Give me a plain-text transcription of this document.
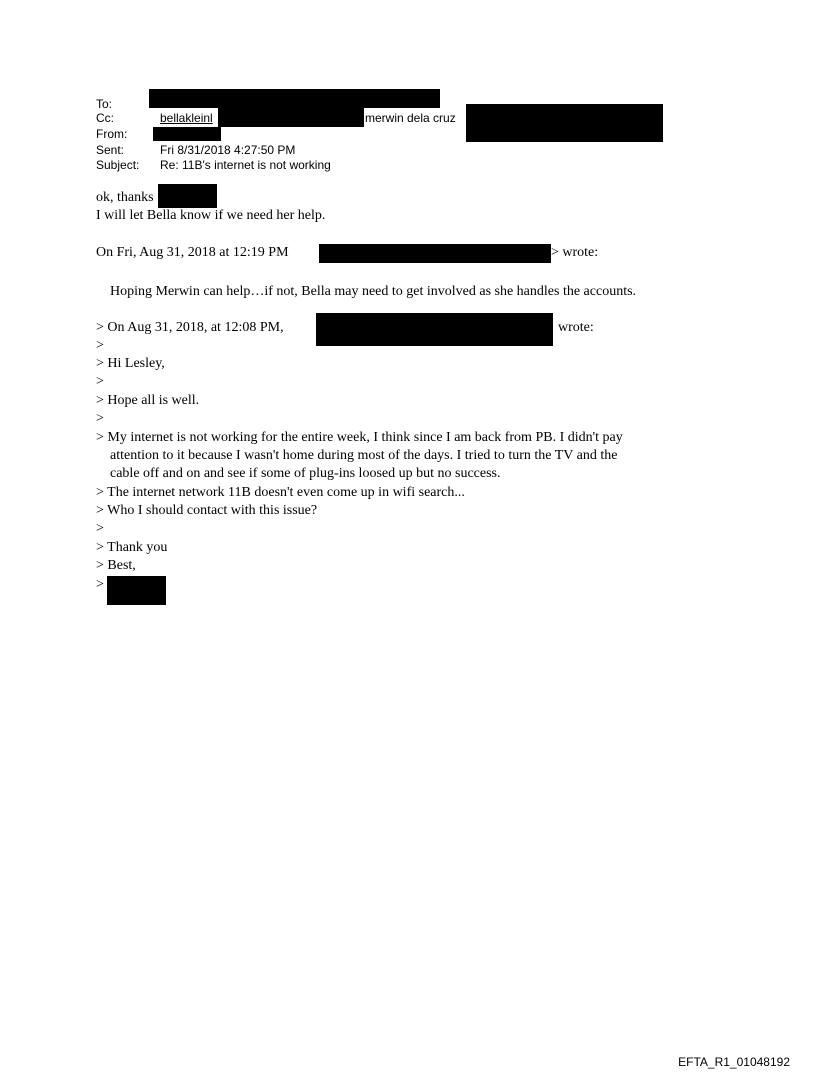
To:
Cc:	bellakleinl	merwin dela cruz
From:
Sent:	Fri 8/31/2018 4:27:50 PM
Subject: Re: 11B's internet is not working
ok, thanks
I will let Bella know if we need her help.
On Fri, Aug 31, 2018 at 12:19 PM	> wrote:
Hoping Merwin can help…if not, Bella may need to get involved as she handles the accounts.
> On Aug 31, 2018, at 12:08 PM,	wrote:
>
> Hi Lesley,
>
> Hope all is well.
>
> My internet is not working for the entire week, I think since I am back from PB. I didn't pay
attention to it because I wasn't home during most of the days. I tried to turn the TV and the
cable off and on and see if some of plug-ins loosed up but no success.
> The internet network 11B doesn't even come up in wifi search...
> Who I should contact with this issue?
>
> Thank you
> Best,
>
EFTA_R1_01048192
